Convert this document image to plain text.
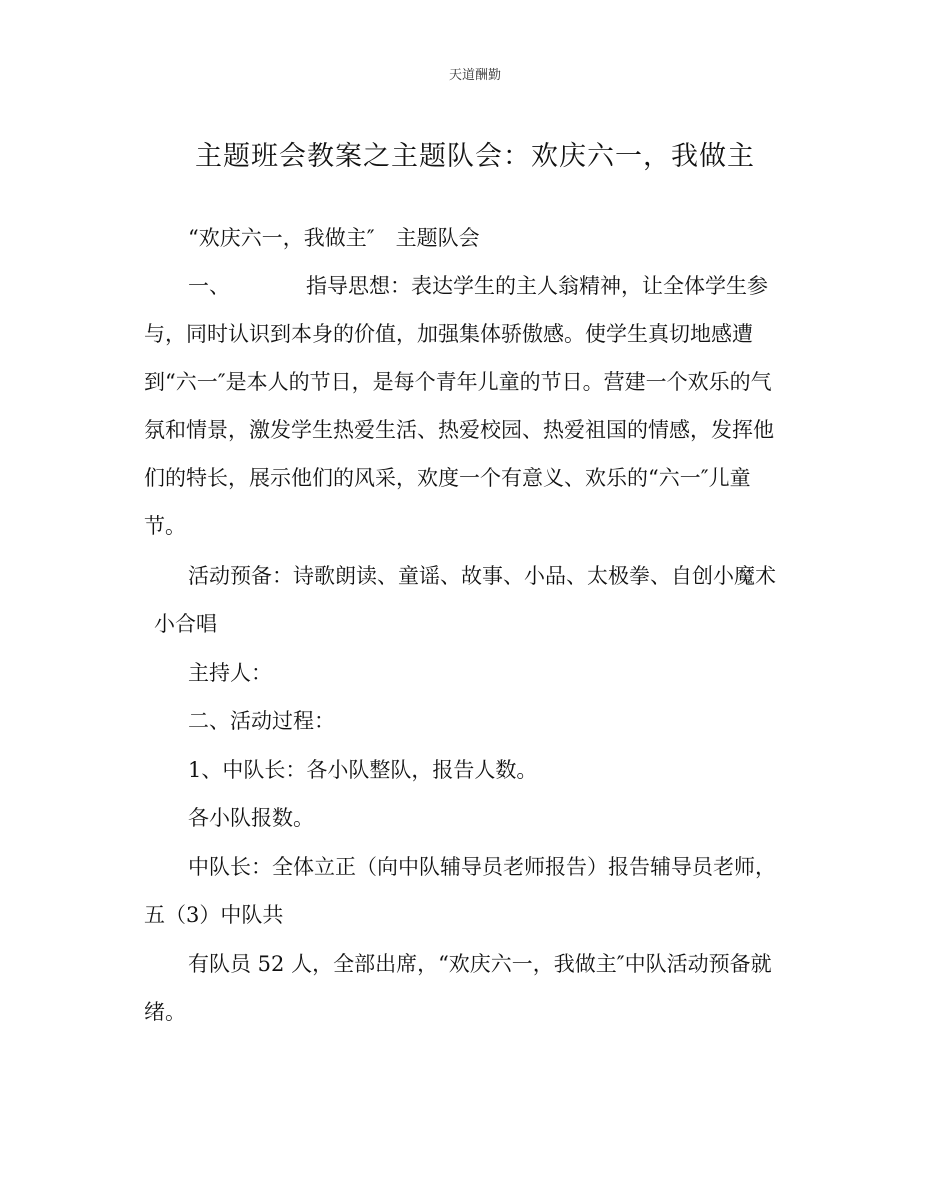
天道酬勤
主题班会教案之主题队会：欢庆六一，我做主
“欢庆六一，我做主″　主题队会
一、	指导思想：表达学生的主人翁精神，让全体学生参
与，同时认识到本身的价值，加强集体骄傲感。使学生真切地感遭
到“六一″是本人的节日，是每个青年儿童的节日。营建一个欢乐的气
氛和情景，激发学生热爱生活、热爱校园、热爱祖国的情感，发挥他
们的特长，展示他们的风采，欢度一个有意义、欢乐的“六一″儿童
节。
活动预备：诗歌朗读、童谣、故事、小品、太极拳、自创小魔术
小合唱
主持人：
二、活动过程：
1、中队长：各小队整队，报告人数。
各小队报数。
中队长：全体立正（向中队辅导员老师报告）报告辅导员老师，
五（3）中队共
有队员 52 人，全部出席，“欢庆六一，我做主″中队活动预备就
绪。
